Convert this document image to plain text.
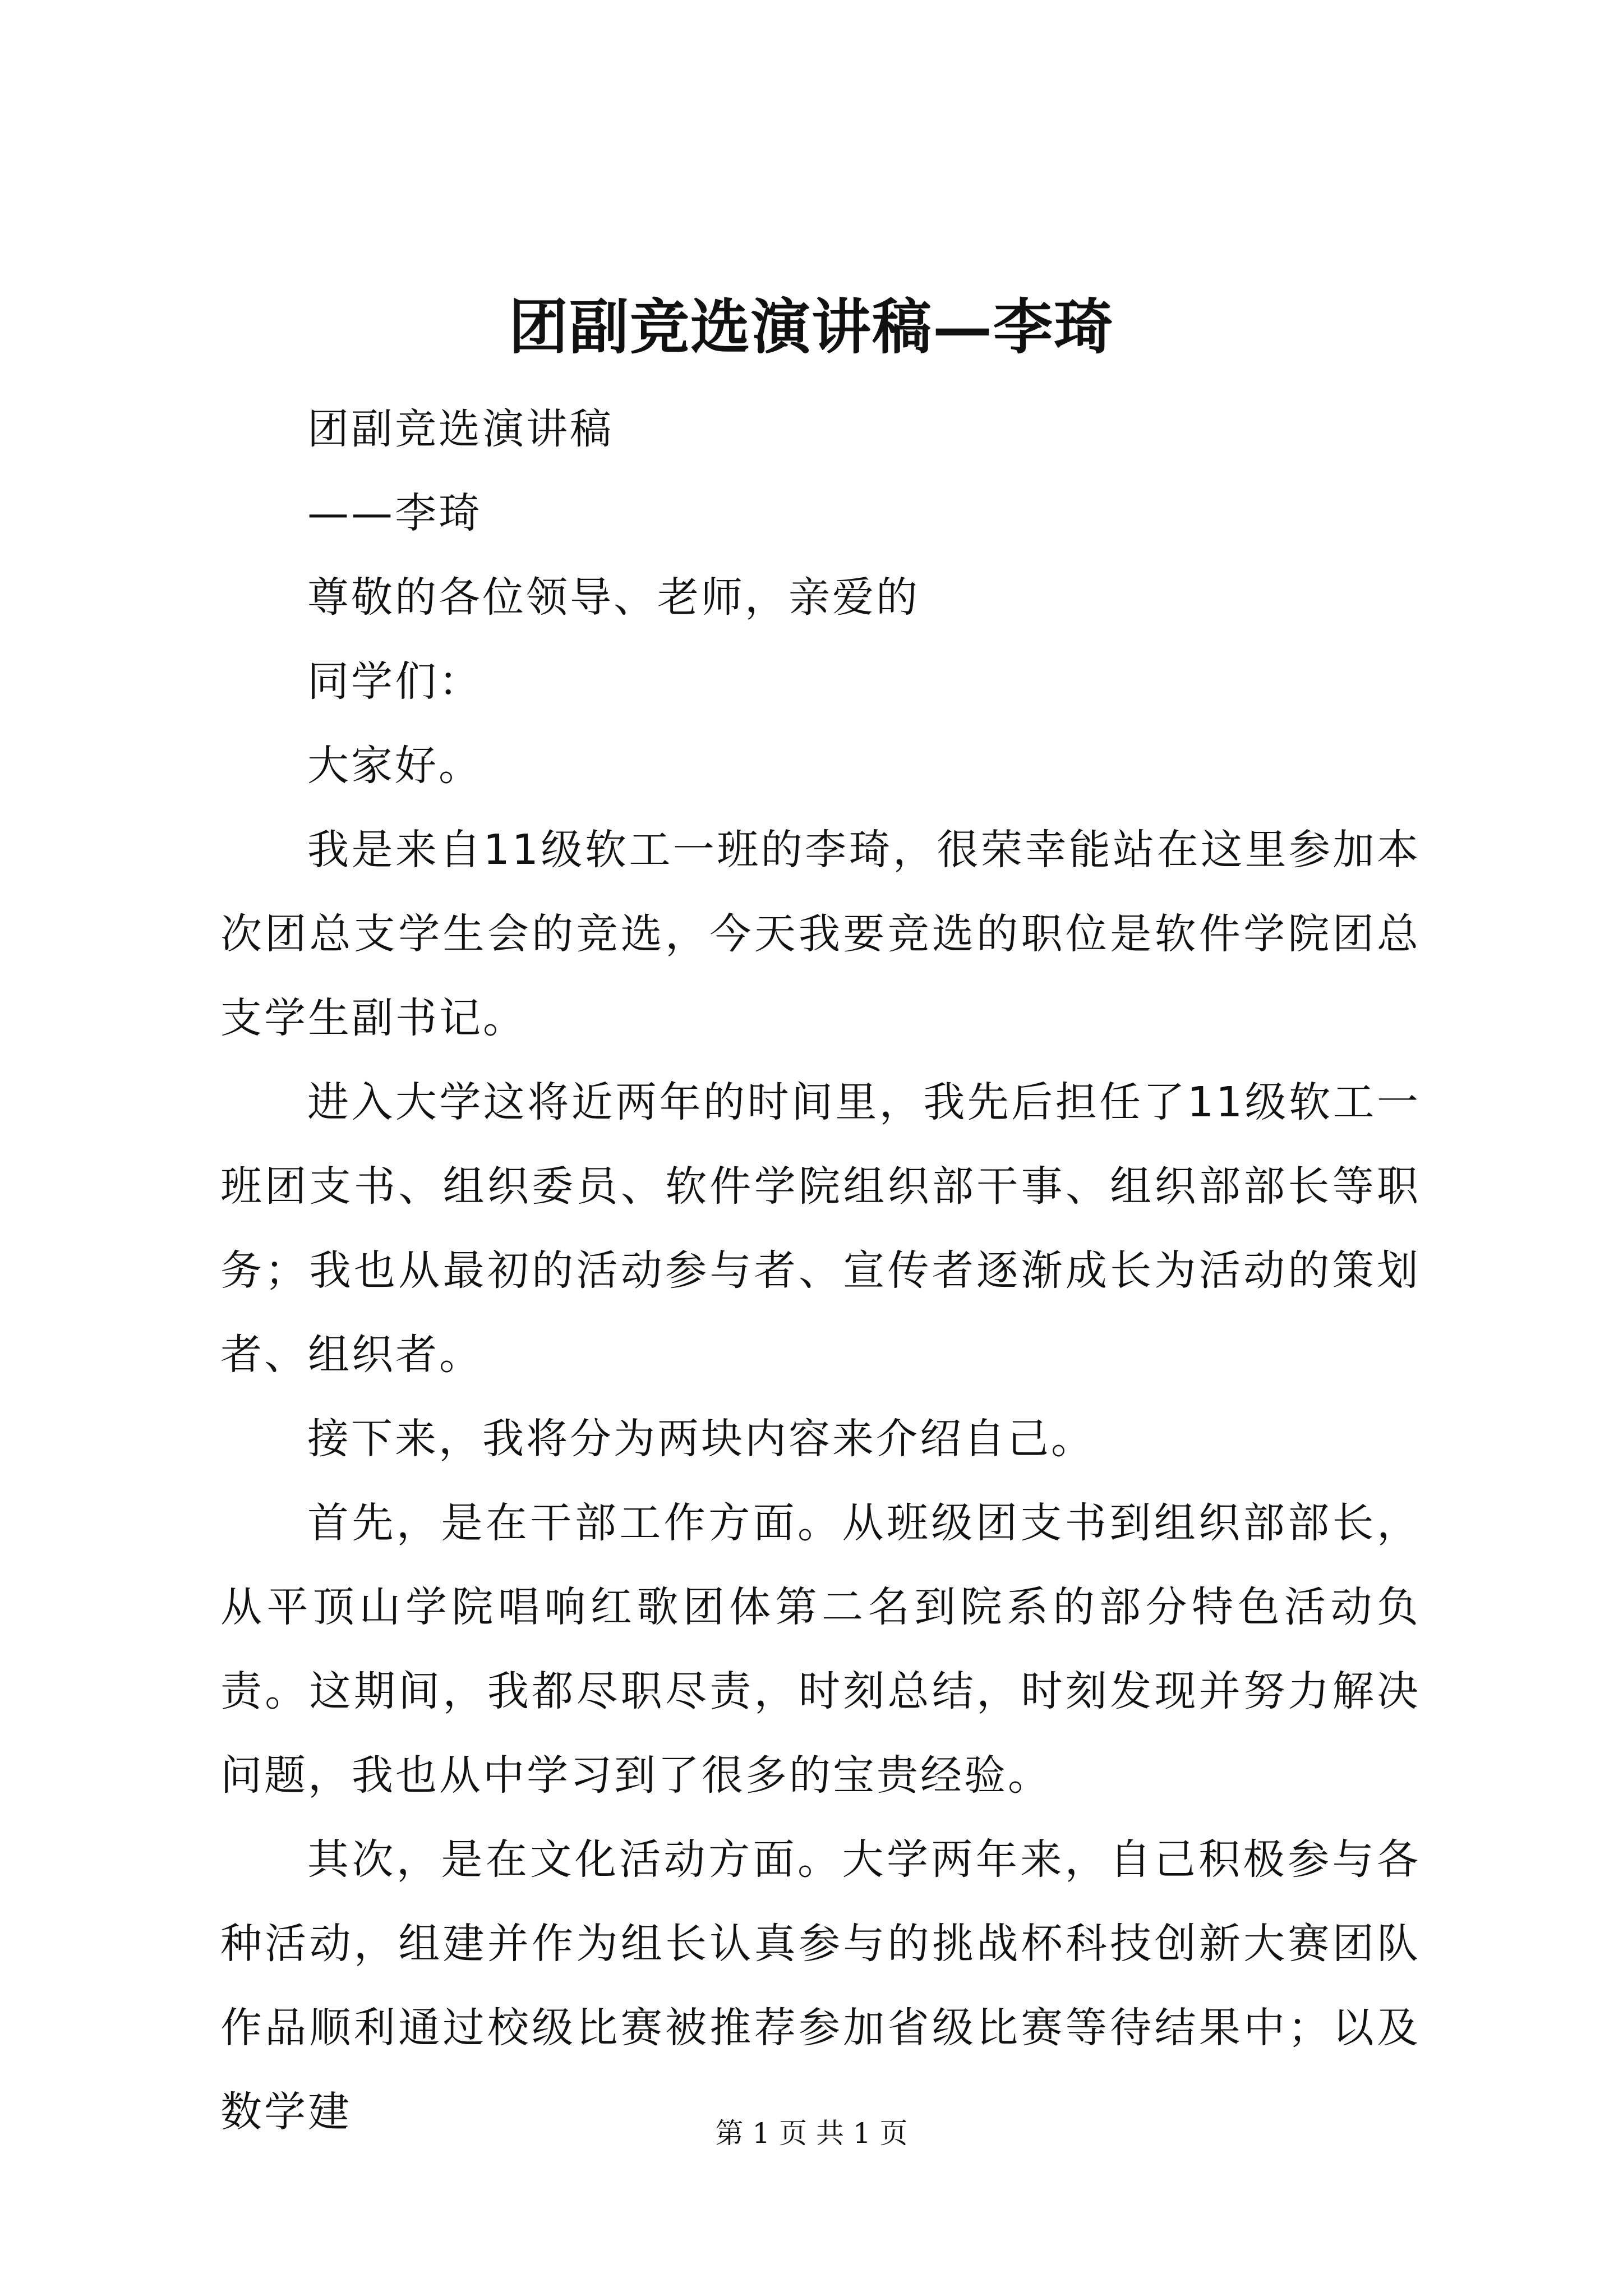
团副竞选演讲稿—李琦

团副竞选演讲稿

——李琦

尊敬的各位领导、老师，亲爱的

同学们：

大家好。

我是来自11级软工一班的李琦，很荣幸能站在这里参加本次团总支学生会的竞选，今天我要竞选的职位是软件学院团总支学生副书记。

进入大学这将近两年的时间里，我先后担任了11级软工一班团支书、组织委员、软件学院组织部干事、组织部部长等职务；我也从最初的活动参与者、宣传者逐渐成长为活动的策划者、组织者。

接下来，我将分为两块内容来介绍自己。

首先，是在干部工作方面。从班级团支书到组织部部长，从平顶山学院唱响红歌团体第二名到院系的部分特色活动负责。这期间，我都尽职尽责，时刻总结，时刻发现并努力解决问题，我也从中学习到了很多的宝贵经验。

其次，是在文化活动方面。大学两年来，自己积极参与各种活动，组建并作为组长认真参与的挑战杯科技创新大赛团队作品顺利通过校级比赛被推荐参加省级比赛等待结果中；以及数学建	第 1 页 共 1 页
